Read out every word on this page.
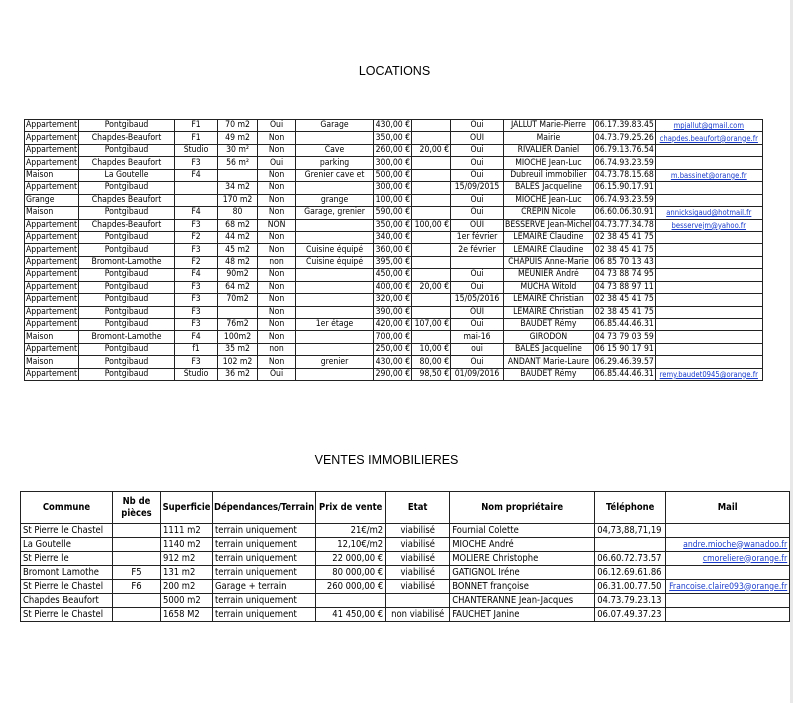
LOCATIONS
Appartement	Pontgibaud	F1	70 m2	Oui	Garage	430,00 €		Oui	JALLUT Marie-Pierre	06.17.39.83.45	mpjallut@gmail.com
Appartement	Chapdes-Beaufort	F1	49 m2	Non		350,00 €		OUI	Mairie	04.73.79.25.26	chapdes.beaufort@orange.fr
Appartement	Pontgibaud	Studio	30 m²	Non	Cave	260,00 €	20,00 €	Oui	RIVALIER Daniel	06.79.13.76.54	
Appartement	Chapdes Beaufort	F3	56 m²	Oui	parking	300,00 €		Oui	MIOCHE Jean-Luc	06.74.93.23.59	
Maison	La Goutelle	F4		Non	Grenier cave et	500,00 €		Oui	Dubreuil immobilier	04.73.78.15.68	m.bassinet@orange.fr
Appartement	Pontgibaud		34 m2	Non		300,00 €		15/09/2015	BALES Jacqueline	06.15.90.17.91	
Grange	Chapdes Beaufort		170 m2	Non	grange	100,00 €		Oui	MIOCHE Jean-Luc	06.74.93.23.59	
Maison	Pontgibaud	F4	80	Non	Garage, grenier	590,00 €		Oui	CREPIN Nicole	06.60.06.30.91	annicksigaud@hotmail.fr
Appartement	Chapdes-Beaufort	F3	68 m2	NON		350,00 €	100,00 €	OUI	BESSERVE Jean-Michel	04.73.77.34.78	besservejm@yahoo.fr
Appartement	Pontgibaud	F2	44 m2	Non		340,00 €		1er février	LEMAIRE Claudine	02 38 45 41 75	
Appartement	Pontgibaud	F3	45 m2	Non	Cuisine équipé	360,00 €		2e février	LEMAIRE Claudine	02 38 45 41 75	
Appartement	Bromont-Lamothe	F2	48 m2	non	Cuisine équipé	395,00 €			CHAPUIS Anne-Marie	06 85 70 13 43	
Appartement	Pontgibaud	F4	90m2	Non		450,00 €		Oui	MEUNIER André	04 73 88 74 95	
Appartement	Pontgibaud	F3	64 m2	Non		400,00 €	20,00 €	Oui	MUCHA Witold	04 73 88 97 11	
Appartement	Pontgibaud	F3	70m2	Non		320,00 €		15/05/2016	LEMAIRE Christian	02 38 45 41 75	
Appartement	Pontgibaud	F3		Non		390,00 €		OUI	LEMAIRE Christian	02 38 45 41 75	
Appartement	Pontgibaud	F3	76m2	Non	1er étage	420,00 €	107,00 €	Oui	BAUDET Rémy	06.85.44.46.31	
Maison	Bromont-Lamothe	F4	100m2	Non		700,00 €		mai-16	GIRODON	04 73 79 03 59	
Appartement	Pontgibaud	f1	35 m2	non		250,00 €	10,00 €	oui	BALES Jacqueline	06 15 90 17 91	
Maison	Pontgibaud	F3	102 m2	Non	grenier	430,00 €	80,00 €	Oui	ANDANT Marie-Laure	06.29.46.39.57	
Appartement	Pontgibaud	Studio	36 m2	Oui		290,00 €	98,50 €	01/09/2016	BAUDET Rémy	06.85.44.46.31	remy.baudet0945@orange.fr
VENTES IMMOBILIERES
Commune	Nb de pièces	Superficie	Dépendances/Terrain	Prix de vente	Etat	Nom propriétaire	Téléphone	Mail
St Pierre le Chastel		1111 m2	terrain uniquement	21€/m2	viabilisé	Fournial Colette	04,73,88,71,19	
La Goutelle		1140 m2	terrain uniquement	12,10€/m2	viabilisé	MIOCHE André		andre.mioche@wanadoo.fr
St Pierre le		912 m2	terrain uniquement	22 000,00 €	viabilisé	MOLIERE Christophe	06.60.72.73.57	cmoreliere@orange.fr
Bromont Lamothe	F5	131 m2	terrain uniquement	80 000,00 €	viabilisé	GATIGNOL Iréne	06.12.69.61.86	
St Pierre le Chastel	F6	200 m2	Garage + terrain	260 000,00 €	viabilisé	BONNET françoise	06.31.00.77.50	Francoise.claire093@orange.fr
Chapdes Beaufort		5000 m2	terrain uniquement			CHANTERANNE Jean-Jacques	04.73.79.23.13	
St Pierre le Chastel		1658 M2	terrain uniquement	41 450,00 €	non viabilisé	FAUCHET Janine	06.07.49.37.23	
